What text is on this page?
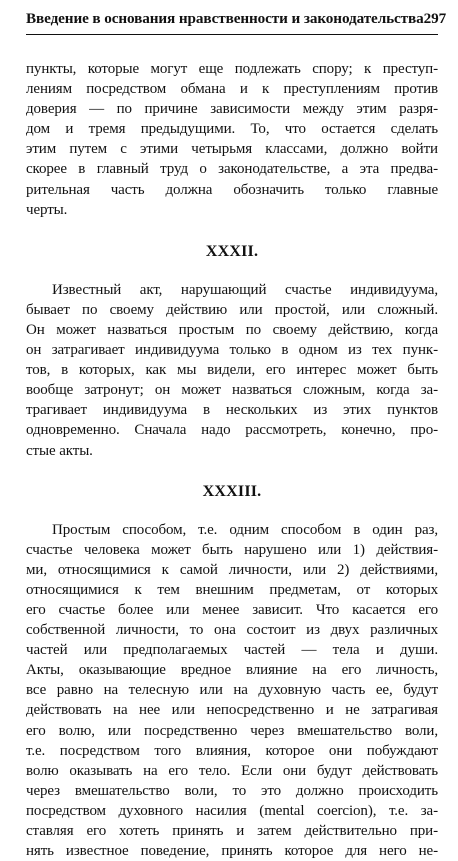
Введение в основания нравственности и законодательства 297
пункты, которые могут еще подлежать спору; к преступ-
лениям посредством обмана и к преступлениям против
доверия — по причине зависимости между этим разря-
дом и тремя предыдущими. То, что остается сделать
этим путем с этими четырьмя классами, должно войти
скорее в главный труд о законодательстве, а эта предва-
рительная часть должна обозначить только главные
черты.
XXXII.
Известный акт, нарушающий счастье индивидуума,
бывает по своему действию или простой, или сложный.
Он может назваться простым по своему действию, когда
он затрагивает индивидуума только в одном из тех пунк-
тов, в которых, как мы видели, его интерес может быть
вообще затронут; он может назваться сложным, когда за-
трагивает индивидуума в нескольких из этих пунктов
одновременно. Сначала надо рассмотреть, конечно, про-
стые акты.
XXXIII.
Простым способом, т.е. одним способом в один раз,
счастье человека может быть нарушено или 1) действия-
ми, относящимися к самой личности, или 2) действиями,
относящимися к тем внешним предметам, от которых
его счастье более или менее зависит. Что касается его
собственной личности, то она состоит из двух различных
частей или предполагаемых частей — тела и души.
Акты, оказывающие вредное влияние на его личность,
все равно на телесную или на духовную часть ее, будут
действовать на нее или непосредственно и не затрагивая
его волю, или посредственно через вмешательство воли,
т.е. посредством того влияния, которое они побуждают
волю оказывать на его тело. Если они будут действовать
через вмешательство воли, то это должно происходить
посредством духовного насилия (mental coercion), т.е. за-
ставляя его хотеть принять и затем действительно при-
нять известное поведение, принять которое для него не-
